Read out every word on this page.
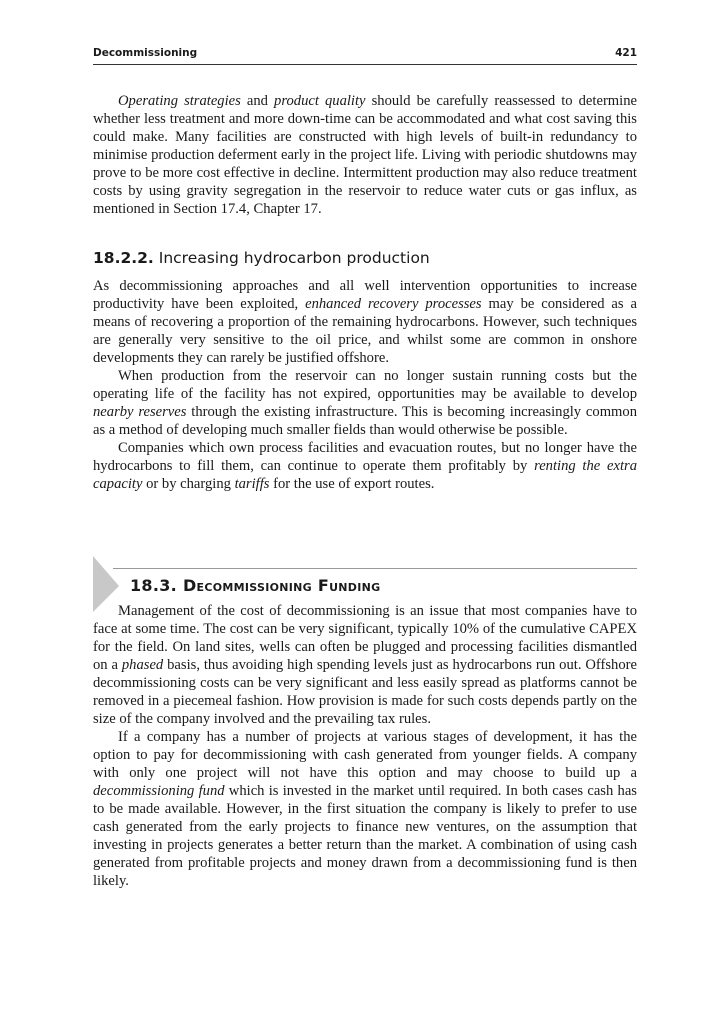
Decommissioning	421

Operating strategies and product quality should be carefully reassessed to determine whether less treatment and more down-time can be accommodated and what cost saving this could make. Many facilities are constructed with high levels of built-in redundancy to minimise production deferment early in the project life. Living with periodic shutdowns may prove to be more cost effective in decline. Intermittent production may also reduce treatment costs by using gravity segregation in the reservoir to reduce water cuts or gas influx, as mentioned in Section 17.4, Chapter 17.

18.2.2. Increasing hydrocarbon production

As decommissioning approaches and all well intervention opportunities to increase productivity have been exploited, enhanced recovery processes may be considered as a means of recovering a proportion of the remaining hydrocarbons. However, such techniques are generally very sensitive to the oil price, and whilst some are common in onshore developments they can rarely be justified offshore.

When production from the reservoir can no longer sustain running costs but the operating life of the facility has not expired, opportunities may be available to develop nearby reserves through the existing infrastructure. This is becoming increasingly common as a method of developing much smaller fields than would otherwise be possible.

Companies which own process facilities and evacuation routes, but no longer have the hydrocarbons to fill them, can continue to operate them profitably by renting the extra capacity or by charging tariffs for the use of export routes.

18.3. Decommissioning Funding

Management of the cost of decommissioning is an issue that most companies have to face at some time. The cost can be very significant, typically 10% of the cumulative CAPEX for the field. On land sites, wells can often be plugged and processing facilities dismantled on a phased basis, thus avoiding high spending levels just as hydrocarbons run out. Offshore decommissioning costs can be very significant and less easily spread as platforms cannot be removed in a piecemeal fashion. How provision is made for such costs depends partly on the size of the company involved and the prevailing tax rules.

If a company has a number of projects at various stages of development, it has the option to pay for decommissioning with cash generated from younger fields. A company with only one project will not have this option and may choose to build up a decommissioning fund which is invested in the market until required. In both cases cash has to be made available. However, in the first situation the company is likely to prefer to use cash generated from the early projects to finance new ventures, on the assumption that investing in projects generates a better return than the market. A combination of using cash generated from profitable projects and money drawn from a decommissioning fund is then likely.
